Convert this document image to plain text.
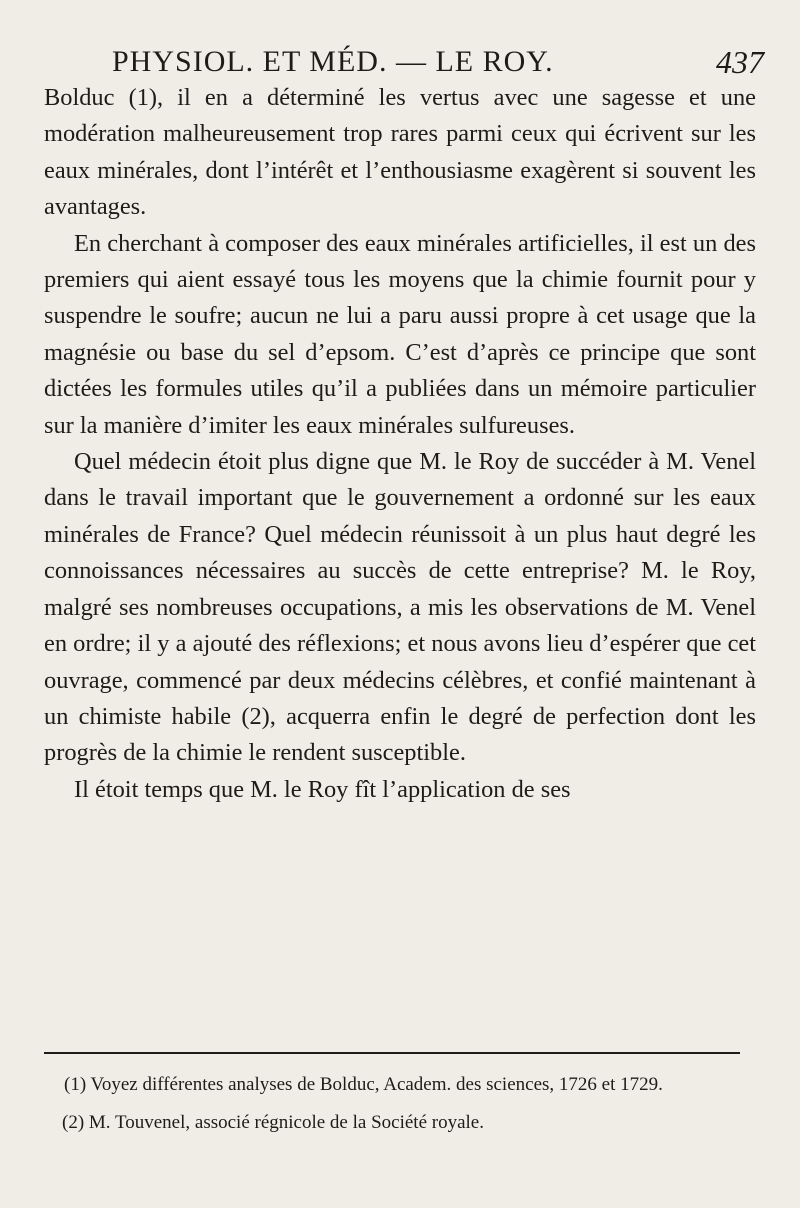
PHYSIOL. ET MÉD. — LE ROY.	437

Bolduc (1), il en a déterminé les vertus avec une sagesse et une modération malheureusement trop rares parmi ceux qui écrivent sur les eaux minérales, dont l’intérêt et l’enthousiasme exagèrent si souvent les avantages.

En cherchant à composer des eaux minérales artificielles, il est un des premiers qui aient essayé tous les moyens que la chimie fournit pour y suspendre le soufre; aucun ne lui a paru aussi propre à cet usage que la magnésie ou base du sel d’epsom. C’est d’après ce principe que sont dictées les formules utiles qu’il a publiées dans un mémoire particulier sur la manière d’imiter les eaux minérales sulfureuses.

Quel médecin étoit plus digne que M. le Roy de succéder à M. Venel dans le travail important que le gouvernement a ordonné sur les eaux minérales de France? Quel médecin réunissoit à un plus haut degré les connoissances nécessaires au succès de cette entreprise? M. le Roy, malgré ses nombreuses occupations, a mis les observations de M. Venel en ordre; il y a ajouté des réflexions; et nous avons lieu d’espérer que cet ouvrage, commencé par deux médecins célèbres, et confié maintenant à un chimiste habile (2), acquerra enfin le degré de perfection dont les progrès de la chimie le rendent susceptible.

Il étoit temps que M. le Roy fît l’application de ses

(1) Voyez différentes analyses de Bolduc, Academ. des sciences, 1726 et 1729.

(2) M. Touvenel, associé régnicole de la Société royale.
